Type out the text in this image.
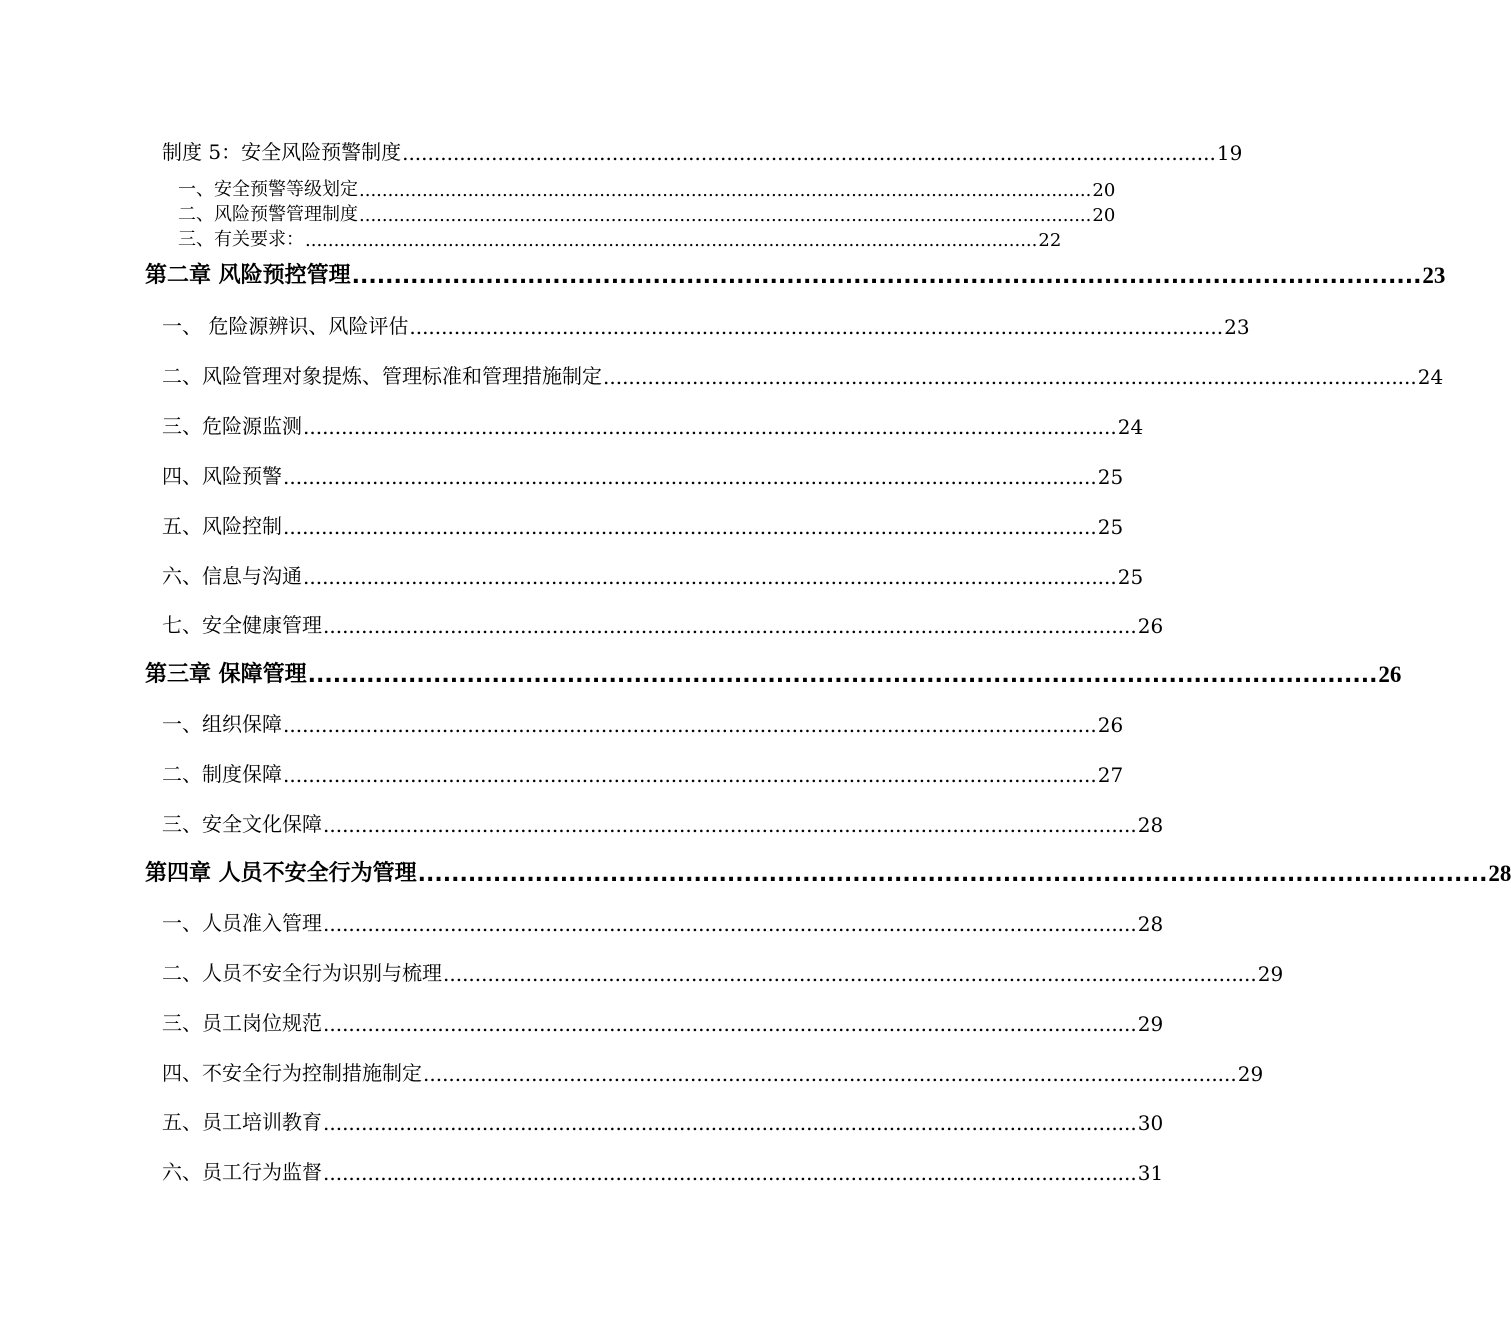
制度 5：安全风险预警制度 ................................................................................................................................ 19
一、安全预警等级划定 ................................................................................................................................ 20
二、风险预警管理制度 ................................................................................................................................ 20
三、有关要求： ................................................................................................................................ 22
第二章 风险预控管理 ................................................................................................................................ 23
一、 危险源辨识、风险评估 ................................................................................................................................ 23
二、风险管理对象提炼、管理标准和管理措施制定 ................................................................................................................................ 24
三、危险源监测 ................................................................................................................................ 24
四、风险预警 ................................................................................................................................ 25
五、风险控制 ................................................................................................................................ 25
六、信息与沟通 ................................................................................................................................ 25
七、安全健康管理 ................................................................................................................................ 26
第三章 保障管理 ................................................................................................................................ 26
一、组织保障 ................................................................................................................................ 26
二、制度保障 ................................................................................................................................ 27
三、安全文化保障 ................................................................................................................................ 28
第四章 人员不安全行为管理 ................................................................................................................................ 28
一、人员准入管理 ................................................................................................................................ 28
二、人员不安全行为识别与梳理 ................................................................................................................................ 29
三、员工岗位规范 ................................................................................................................................ 29
四、不安全行为控制措施制定 ................................................................................................................................ 29
五、员工培训教育 ................................................................................................................................ 30
六、员工行为监督 ................................................................................................................................ 31
